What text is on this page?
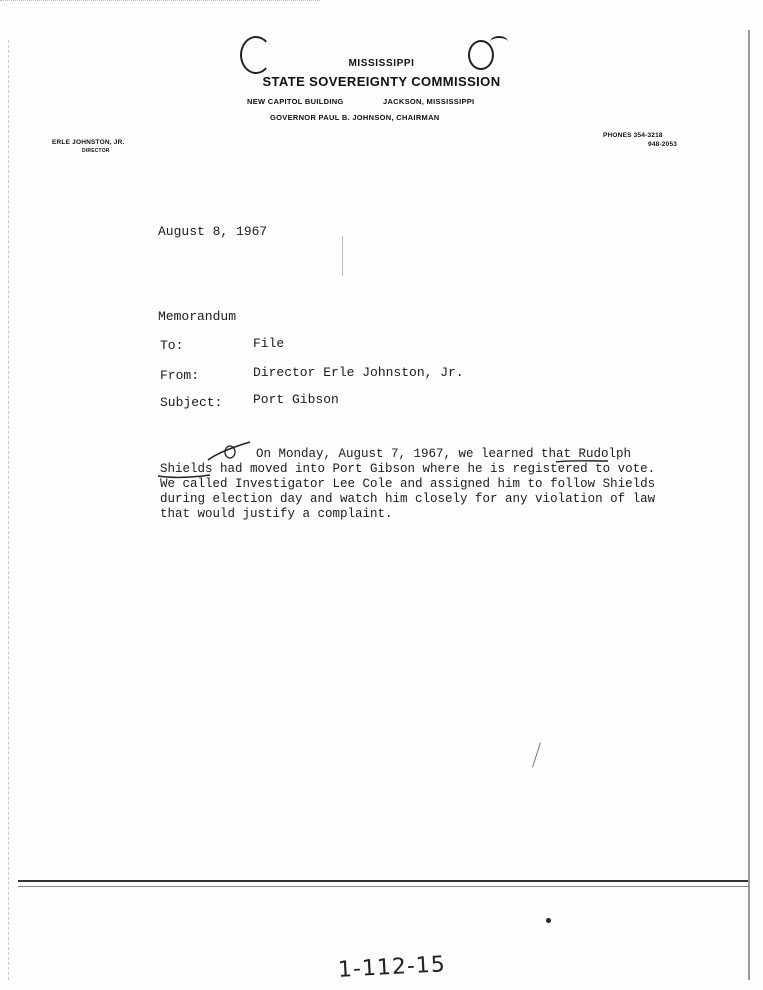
MISSISSIPPI
STATE SOVEREIGNTY COMMISSION
NEW CAPITOL BUILDING	JACKSON, MISSISSIPPI
GOVERNOR PAUL B. JOHNSON, CHAIRMAN
ERLE JOHNSTON, JR.
DIRECTOR
PHONES 354-3218
948-2053
August 8, 1967
Memorandum
To:	File
From:	Director Erle Johnston, Jr.
Subject: Port Gibson
On Monday, August 7, 1967, we learned that Rudolph
Shields had moved into Port Gibson where he is registered to vote.
We called Investigator Lee Cole and assigned him to follow Shields
during election day and watch him closely for any violation of law
that would justify a complaint.
1-112-15
